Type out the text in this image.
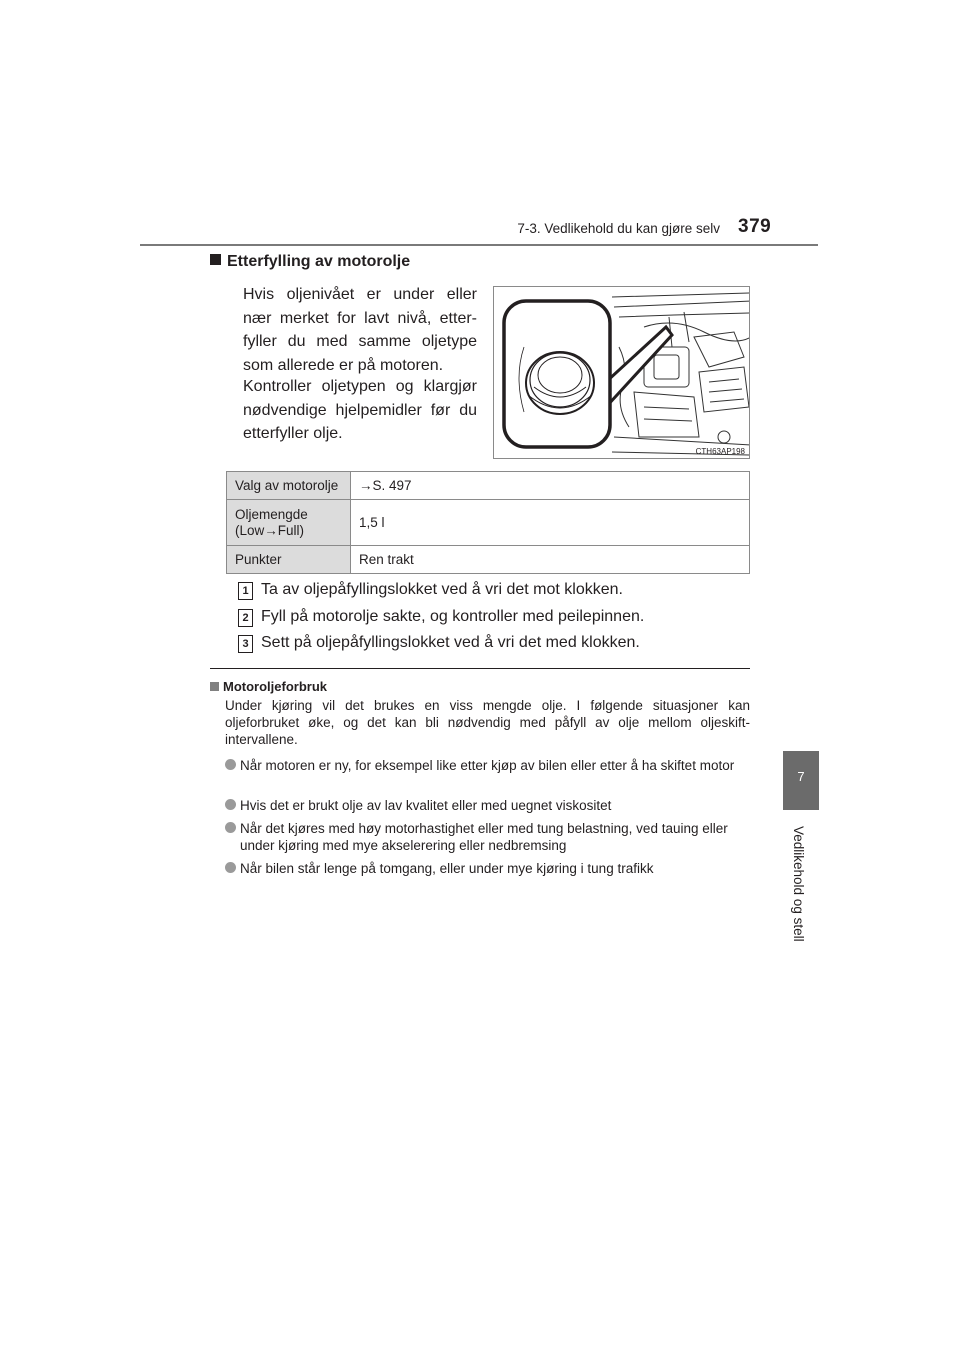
7-3. Vedlikehold du kan gjøre selv 379
7
Vedlikehold og stell
Etterfylling av motorolje
Hvis oljenivået er under eller nær merket for lavt nivå, etter-fyller du med samme oljetype som allerede er på motoren.
Kontroller oljetypen og klargjør nødvendige hjelpemidler før du etterfyller olje.
CTH63AP198
Valg av motorolje	→S. 497
Oljemengde
(Low→Full)	1,5 l
Punkter	Ren trakt
1 Ta av oljepåfyllingslokket ved å vri det mot klokken.
2 Fyll på motorolje sakte, og kontroller med peilepinnen.
3 Sett på oljepåfyllingslokket ved å vri det med klokken.
Motoroljeforbruk
Under kjøring vil det brukes en viss mengde olje. I følgende situasjoner kan oljeforbruket øke, og det kan bli nødvendig med påfyll av olje mellom oljeskift-intervallene.
Når motoren er ny, for eksempel like etter kjøp av bilen eller etter å ha skiftet motor
Hvis det er brukt olje av lav kvalitet eller med uegnet viskositet
Når det kjøres med høy motorhastighet eller med tung belastning, ved tauing eller under kjøring med mye akselerering eller nedbremsing
Når bilen står lenge på tomgang, eller under mye kjøring i tung trafikk
